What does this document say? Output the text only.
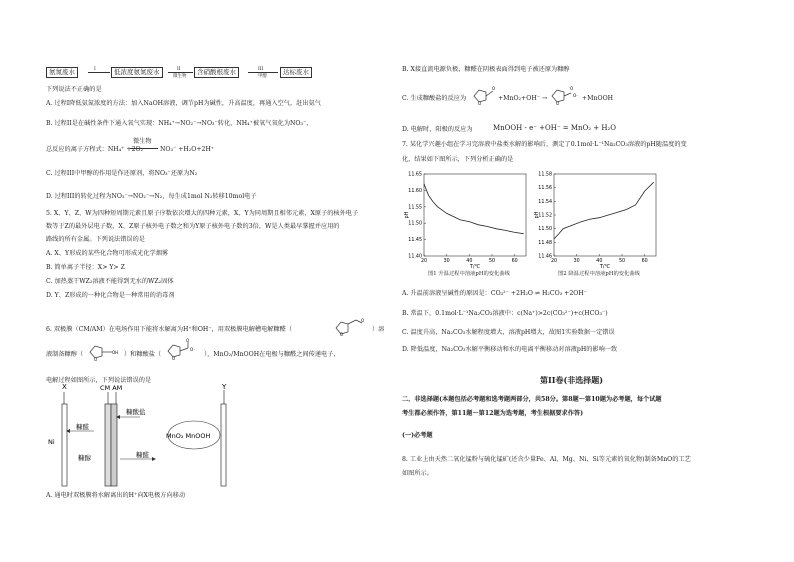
氨氮废水	I	低浓度氨氮废水	II
微生物
含硝酸根废水	III
甲醇
达标废水
下列说法不正确的是
A. 过程I降低氨氮浓度的方法：加入NaOH溶液，调节pH为碱性，升高温度，再通入空气，赶出氨气
B. 过程II是在碱性条件下通入氧气实现：NH₄⁺→NO₂⁻→NO₃⁻转化，NH₄⁺被氧气氧化为NO₃⁻，
总反应的离子方程式：NH₄⁺ +2O₂
微生物
NO₃⁻ +H₂O+2H⁺
C. 过程III中甲醇的作用是作还原剂，将NO₃⁻还原为N₂
D. 过程III的转化过程为NO₃⁻→NO₂⁻→N₂，每生成1mol N₂转移10mol电子
5. X、Y、Z、W为四种短周期元素且原子序数依次增大的四种元素，X、Y为同周期且相邻元素，X原子的核外电子
数等于Z的最外层电子数，X、Z原子核外电子数之和为Y原子核外电子数的3倍，W是人类最早掌握并应用的
路线的所有金属。下列说法错误的是
A. X、Y形成的某些化合物可形成光化学烟雾
B. 简单离子半径：X> Y> Z
C. 加热蒸干WZ₂溶液不能得到无水的WZ₂固体
D. Y、Z形成的一种化合物是一种常用的消毒剂
6. 双极膜（CM/AM）在电场作用下能将水解离为H⁺和OH⁻，用双极膜电解槽电解糠醛（
O
O
）溶
液制备糠醇（
O
OH ）和糠酸盐（
O
O
O⁻
），MnO₂/MnOOH在电极与糠醛之间传递电子，
电解过程如图所示，下列说法错误的是
X	Y
CM AM
Ni
糠酸盐
糠醛
糠醇	糠醛
MnO₂ MnOOH
A. 通电时双极膜将水解离出的H⁺向X电极方向移动
B. X接直流电源负极，糠醛在阴极表面得到电子被还原为糠醇
C. 生成糠酸盐的反应为
O
O
+MnO₂+OH⁻ →
O
O
O⁻ +MnOOH
D. 电解时，阳极的反应为	MnOOH - e⁻ +OH⁻ = MnO₂ + H₂O
7. 某化学兴趣小组在学习完溶液中盐类水解的影响后，测定了0.1mol·L⁻¹Na₂CO₃溶液的pH随温度的变
化，结果如下图所示，下列分析正确的是
11.40
11.45
11.50
11.55
11.60
11.65
20	30	40	50	60
T/℃
pH
图1 升温过程中溶液pH的变化曲线
11.46
11.48
11.50
11.52
11.54
11.56
11.58
20	30	40	50	60
T/℃
pH
图2 降温过程中溶液pH的变化曲线
A. 升温前溶液呈碱性的原因是：CO₃²⁻ +2H₂O ⇌ H₂CO₃ +2OH⁻
B. 常温下，0.1mol·L⁻¹Na₂CO₃溶液中：c(Na⁺)>2c(CO₃²⁻)+c(HCO₃⁻)
C. 温度升高，Na₂CO₃水解程度增大，溶液pH增大，故图1实验数据一定错误
D. 降低温度，Na₂CO₃水解平衡移动和水的电离平衡移动对溶液pH的影响一致
第II卷(非选择题)
二、非选择题(本题包括必考题和选考题两部分，共58分。第8题～第10题为必考题，每个试题
考生都必须作答，第11题～第12题为选考题，考生根据要求作答)
(一)必考题
8. 工业上由天然二氧化锰粉与硫化锰矿(还含少量Fe、Al、Mg、Ni、Si等元素的氧化物)制备MnO的工艺
如图所示。
